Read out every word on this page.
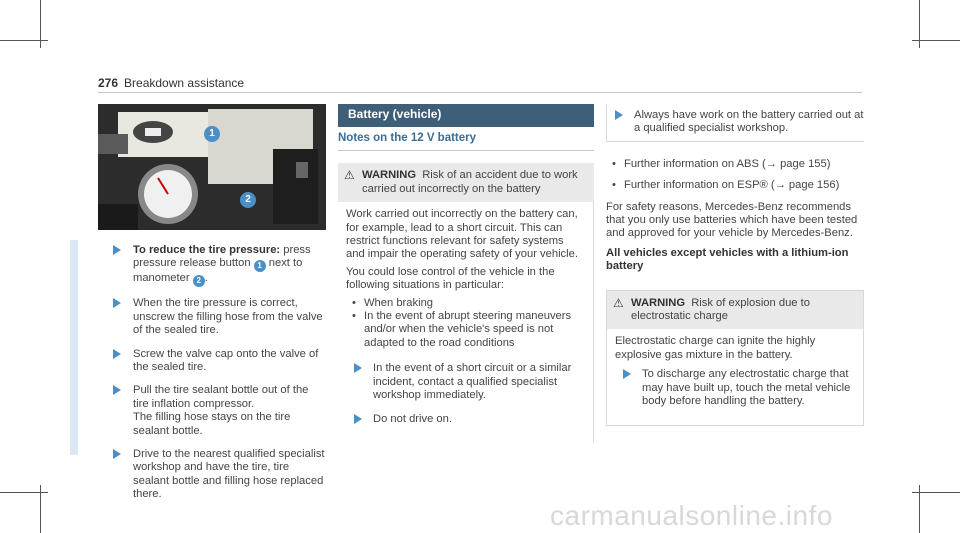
276 Breakdown assistance
1
2
To reduce the tire pressure: press pressure release button 1 next to manometer 2 .
When the tire pressure is correct, unscrew the filling hose from the valve of the sealed tire.
Screw the valve cap onto the valve of the sealed tire.
Pull the tire sealant bottle out of the tire inflation compressor.
The filling hose stays on the tire sealant bottle.
Drive to the nearest qualified specialist workshop and have the tire, tire sealant bottle and filling hose replaced there.
Battery (vehicle)
Notes on the 12 V battery
⚠ WARNING Risk of an accident due to work carried out incorrectly on the battery

Work carried out incorrectly on the battery can, for example, lead to a short circuit. This can restrict functions relevant for safety systems and impair the operating safety of your vehicle.

You could lose control of the vehicle in the following situations in particular:

• When braking
• In the event of abrupt steering maneuvers and/or when the vehicle's speed is not adapted to the road conditions
In the event of a short circuit or a similar incident, contact a qualified specialist workshop immediately.
Do not drive on.
Always have work on the battery carried out at a qualified specialist workshop.
• Further information on ABS (→ page 155)
• Further information on ESP® (→ page 156)

For safety reasons, Mercedes-Benz recommends that you only use batteries which have been tested and approved for your vehicle by Mercedes-Benz.

All vehicles except vehicles with a lithium-ion battery
⚠ WARNING Risk of explosion due to electrostatic charge

Electrostatic charge can ignite the highly explosive gas mixture in the battery.

To discharge any electrostatic charge that may have built up, touch the metal vehicle body before handling the battery.
carmanualsonline.info
